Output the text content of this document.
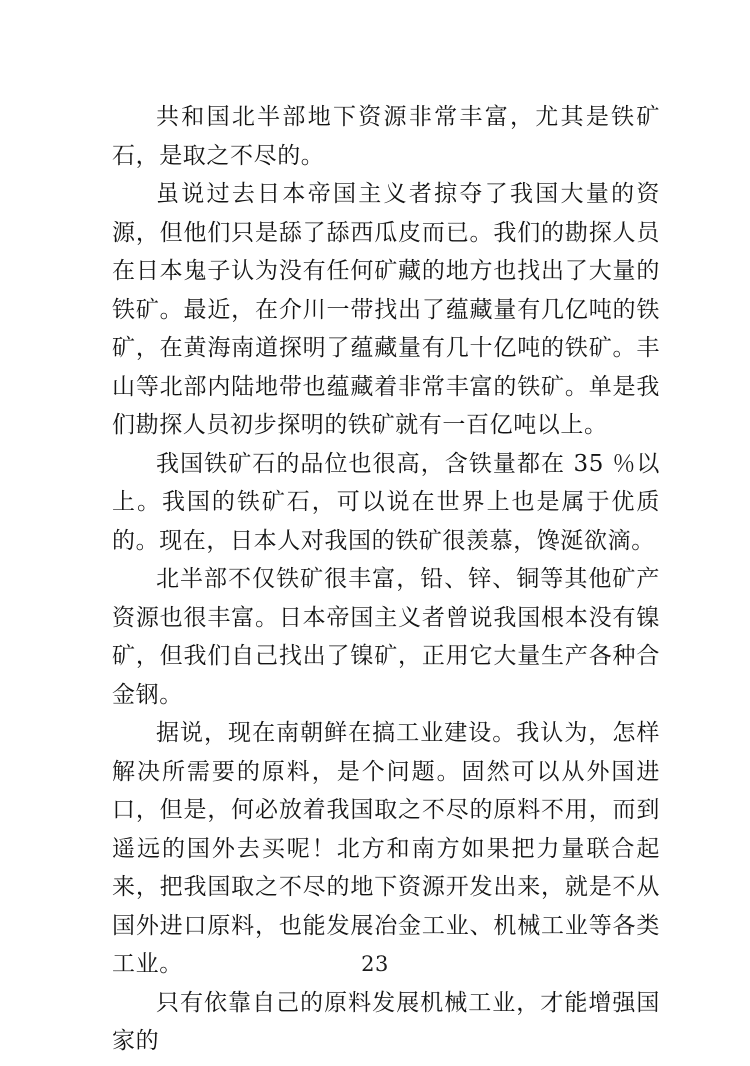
共和国北半部地下资源非常丰富，尤其是铁矿石，是取之不尽的。

虽说过去日本帝国主义者掠夺了我国大量的资源，但他们只是舔了舔西瓜皮而已。我们的勘探人员在日本鬼子认为没有任何矿藏的地方也找出了大量的铁矿。最近，在介川一带找出了蕴藏量有几亿吨的铁矿，在黄海南道探明了蕴藏量有几十亿吨的铁矿。丰山等北部内陆地带也蕴藏着非常丰富的铁矿。单是我们勘探人员初步探明的铁矿就有一百亿吨以上。

我国铁矿石的品位也很高，含铁量都在 35 ％以上。我国的铁矿石，可以说在世界上也是属于优质的。现在，日本人对我国的铁矿很羡慕，馋涎欲滴。

北半部不仅铁矿很丰富，铅、锌、铜等其他矿产资源也很丰富。日本帝国主义者曾说我国根本没有镍矿，但我们自己找出了镍矿，正用它大量生产各种合金钢。

据说，现在南朝鲜在搞工业建设。我认为，怎样解决所需要的原料，是个问题。固然可以从外国进口，但是，何必放着我国取之不尽的原料不用，而到遥远的国外去买呢！北方和南方如果把力量联合起来，把我国取之不尽的地下资源开发出来，就是不从国外进口原料，也能发展冶金工业、机械工业等各类工业。

只有依靠自己的原料发展机械工业，才能增强国家的

23
